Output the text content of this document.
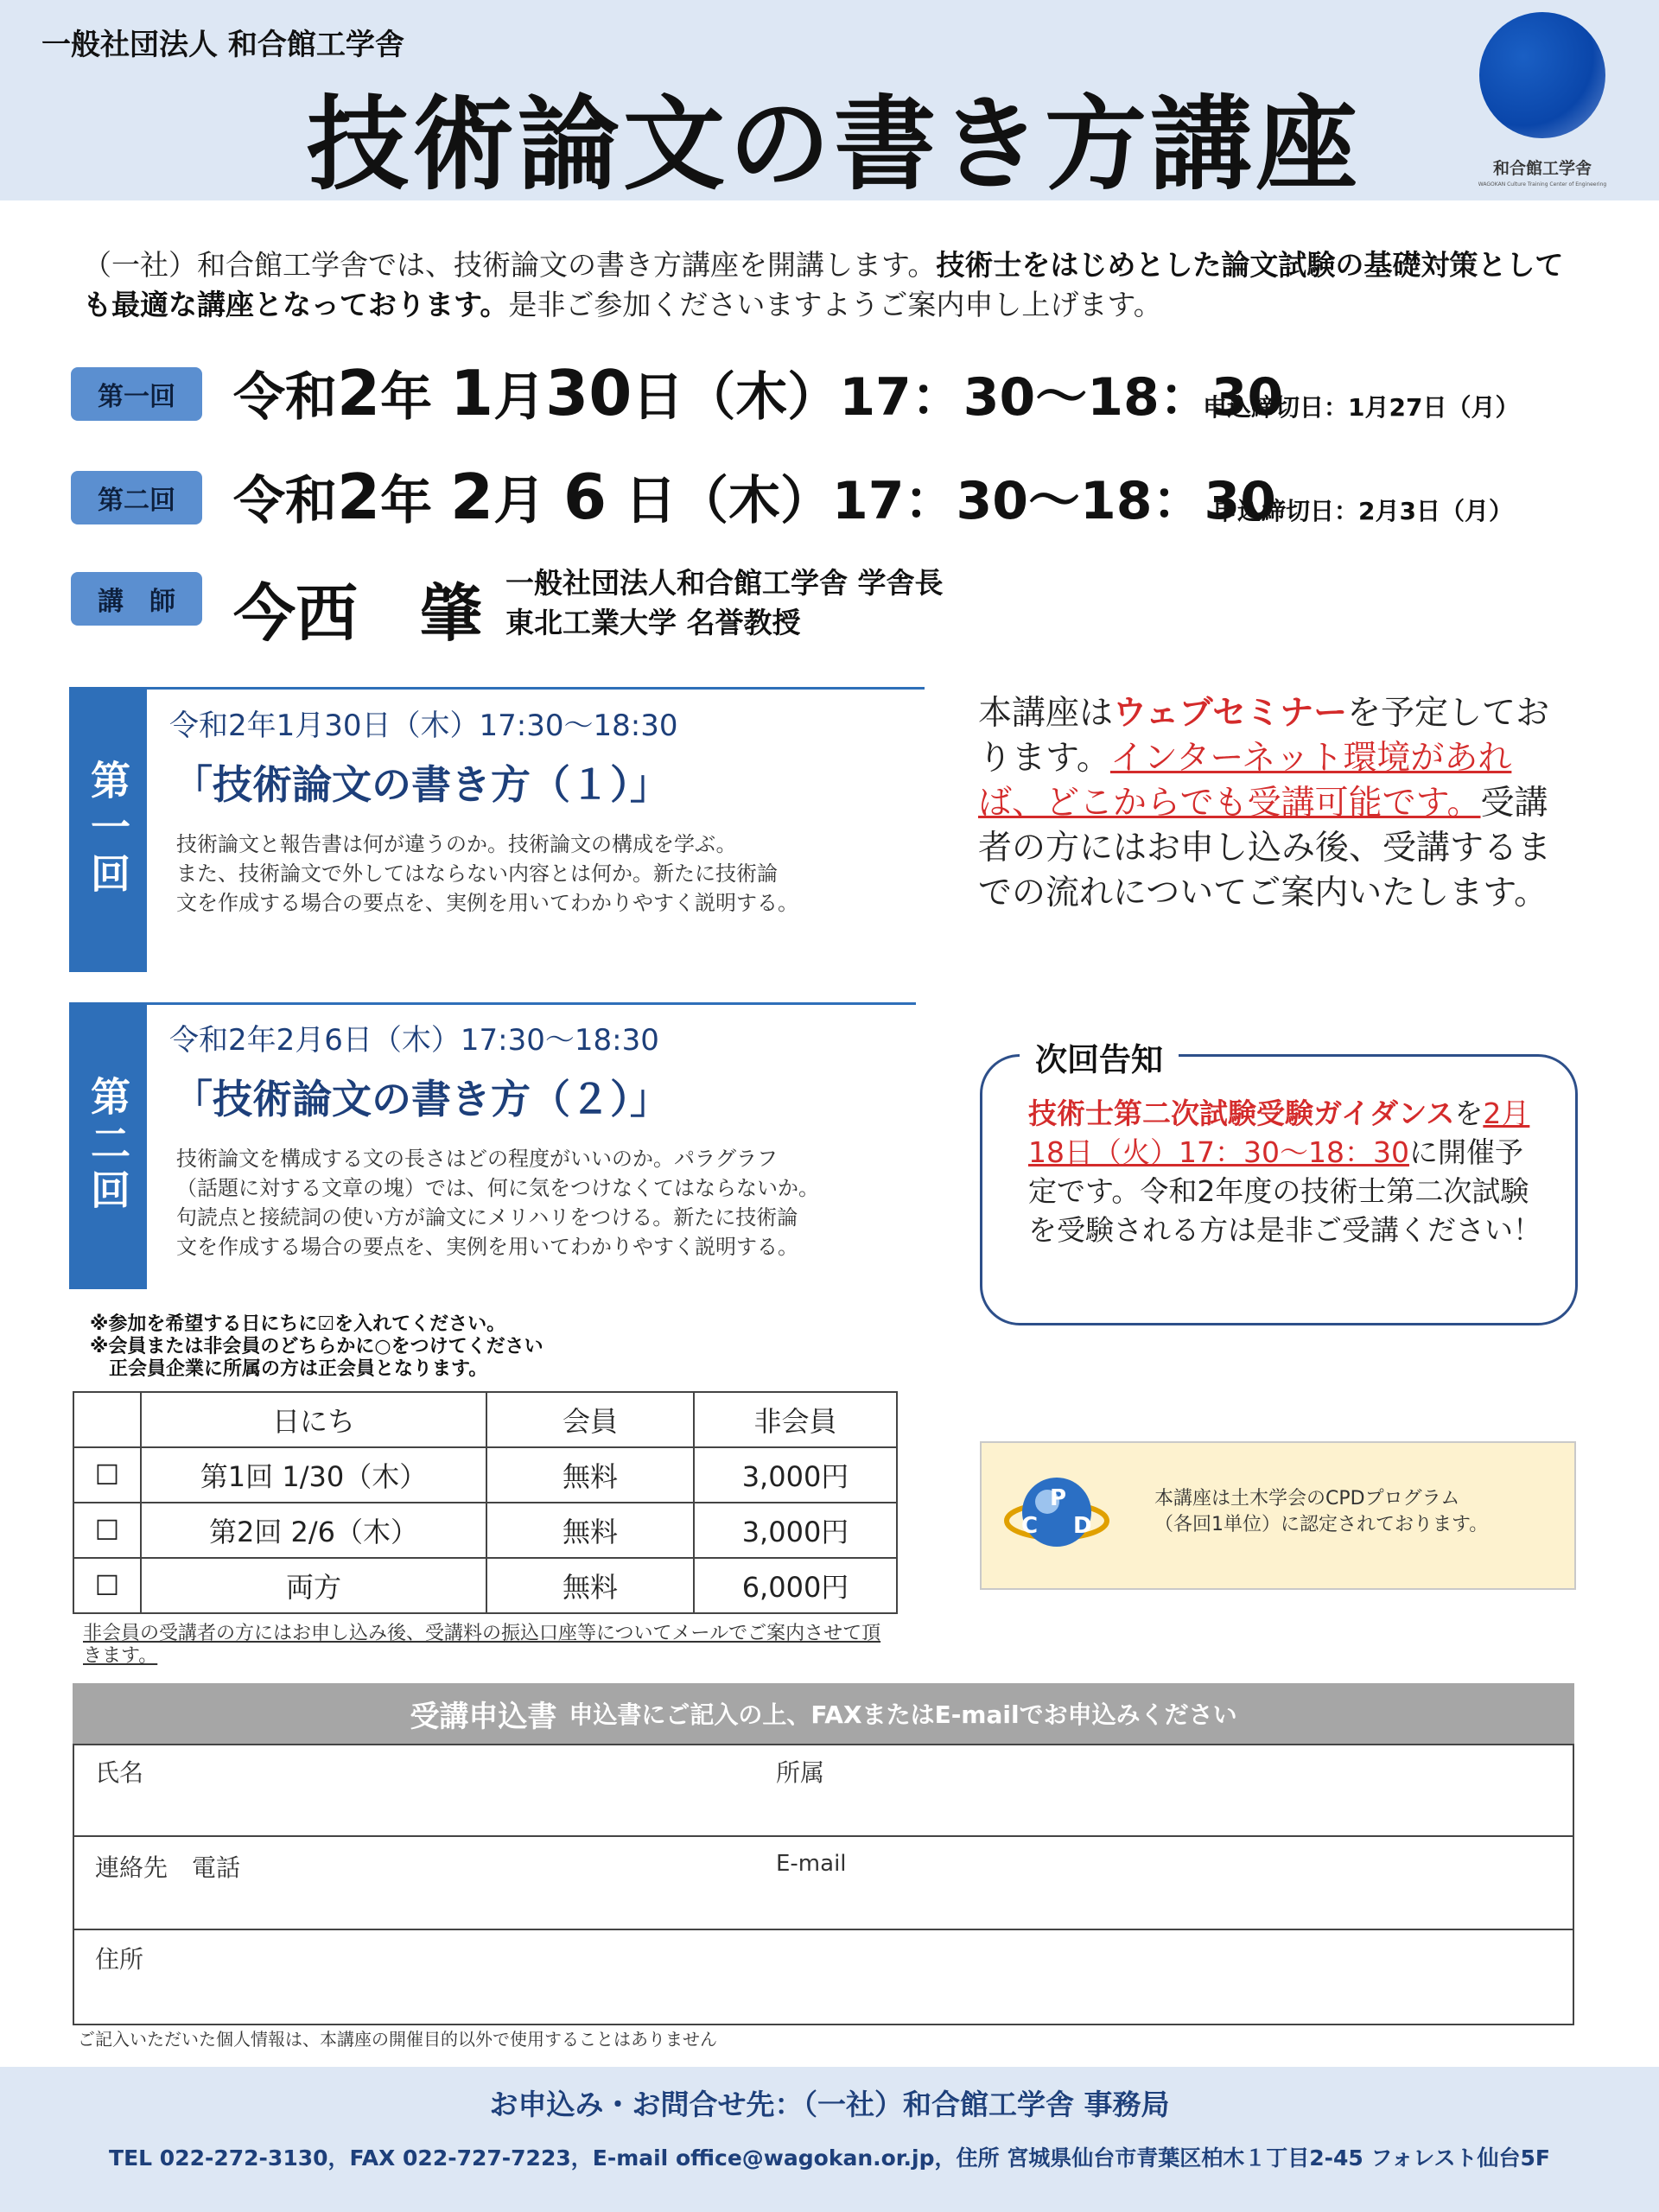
一般社団法人 和合館工学舎
技術論文の書き方講座	和合館工学舎
WAGOKAN Culture Training Center of Engineering
（一社）和合館工学舎では、技術論文の書き方講座を開講します。技術士をはじめとした論文試験の基礎対策としても最適な講座となっております。是非ご参加くださいますようご案内申し上げます。
第一回	令和2年 1月30日（木）17：30〜18：30
申込締切日：1月27日（月）
第二回	令和2年 2月 6 日（木）17：30〜18：30
申込締切日：2月3日（月）
講　師 今西　肇 一般社団法人和合館工学舎 学舎長
東北工業大学 名誉教授
第一回
令和2年1月30日（木）17:30〜18:30
「技術論文の書き方（１）」
技術論文と報告書は何が違うのか。技術論文の構成を学ぶ。
また、技術論文で外してはならない内容とは何か。新たに技術論
文を作成する場合の要点を、実例を用いてわかりやすく説明する。
第二回
令和2年2月6日（木）17:30〜18:30
「技術論文の書き方（２）」
技術論文を構成する文の長さはどの程度がいいのか。パラグラフ
（話題に対する文章の塊）では、何に気をつけなくてはならないか。
句読点と接続詞の使い方が論文にメリハリをつける。新たに技術論
文を作成する場合の要点を、実例を用いてわかりやすく説明する。
本講座はウェブセミナーを予定しております。インターネット環境があれば、どこからでも受講可能です。受講者の方にはお申し込み後、受講するまでの流れについてご案内いたします。
次回告知
技術士第二次試験受験ガイダンスを2月18日（火）17：30〜18：30に開催予定です。令和2年度の技術士第二次試験を受験される方は是非ご受講ください！
※参加を希望する日にちに☑を入れてください。
※会員または非会員のどちらかに○をつけてください
　正会員企業に所属の方は正会員となります。
	日にち	会員	非会員
☐	第1回 1/30（木）	無料	3,000円
☐	第2回 2/6（木）	無料	3,000円
☐	両方	無料	6,000円
非会員の受講者の方にはお申し込み後、受講料の振込口座等についてメールでご案内させて頂きます。
P
C D
本講座は土木学会のCPDプログラム
（各回1単位）に認定されております。
受講申込書 申込書にご記入の上、FAXまたはE-mailでお申込みください
氏名	所属
連絡先　電話	E-mail
住所
ご記入いただいた個人情報は、本講座の開催目的以外で使用することはありません
お申込み・お問合せ先：（一社）和合館工学舎 事務局
TEL 022-272-3130，FAX 022-727-7223，E-mail office@wagokan.or.jp，住所 宮城県仙台市青葉区柏木１丁目2-45 フォレスト仙台5F
